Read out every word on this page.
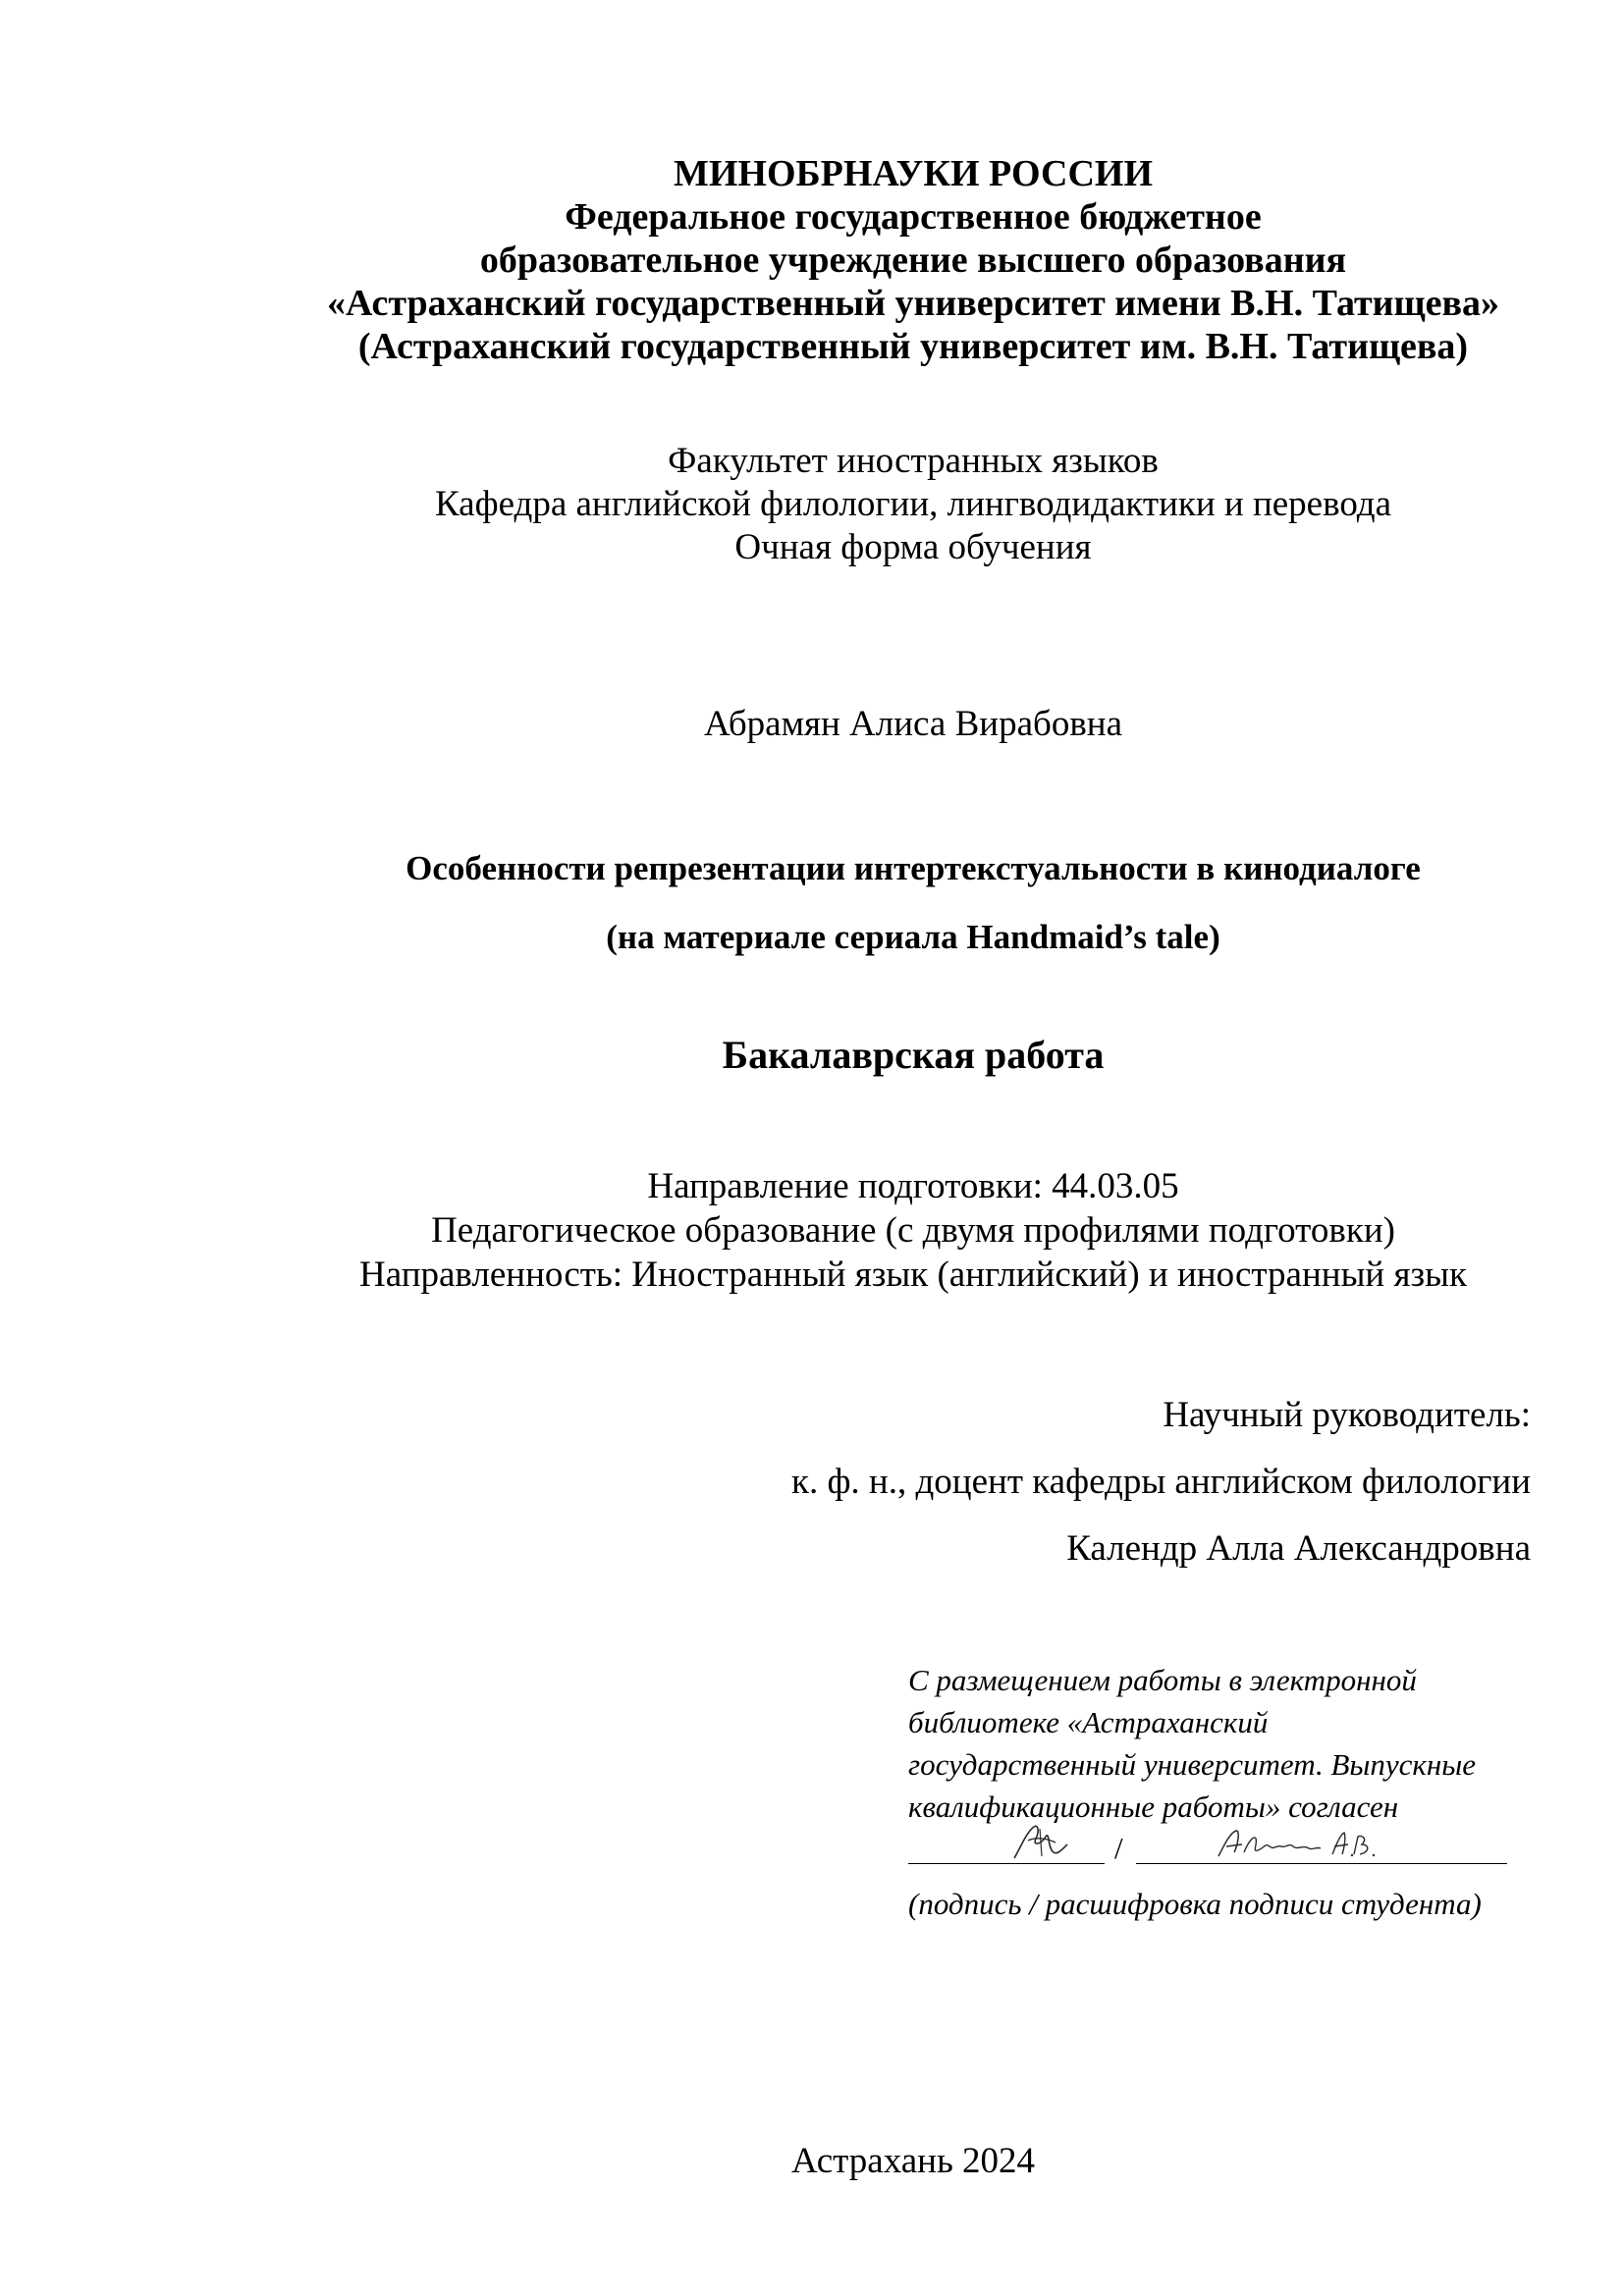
МИНОБРНАУКИ РОССИИ
Федеральное государственное бюджетное
образовательное учреждение высшего образования
«Астраханский государственный университет имени В.Н. Татищева»
(Астраханский государственный университет им. В.Н. Татищева)
Факультет иностранных языков
Кафедра английской филологии, лингводидактики и перевода
Очная форма обучения
Абрамян Алиса Вирабовна
Особенности репрезентации интертекстуальности в кинодиалоге
(на материале сериала Handmaid’s tale)
Бакалаврская работа
Направление подготовки: 44.03.05
Педагогическое образование (с двумя профилями подготовки)
Направленность: Иностранный язык (английский) и иностранный язык
Научный руководитель:
к. ф. н., доцент кафедры английском филологии
Календр Алла Александровна
С размещением работы в электронной
библиотеке «Астраханский
государственный университет. Выпускные
квалификационные работы» согласен
/
(подпись / расшифровка подписи студента)
Астрахань 2024
